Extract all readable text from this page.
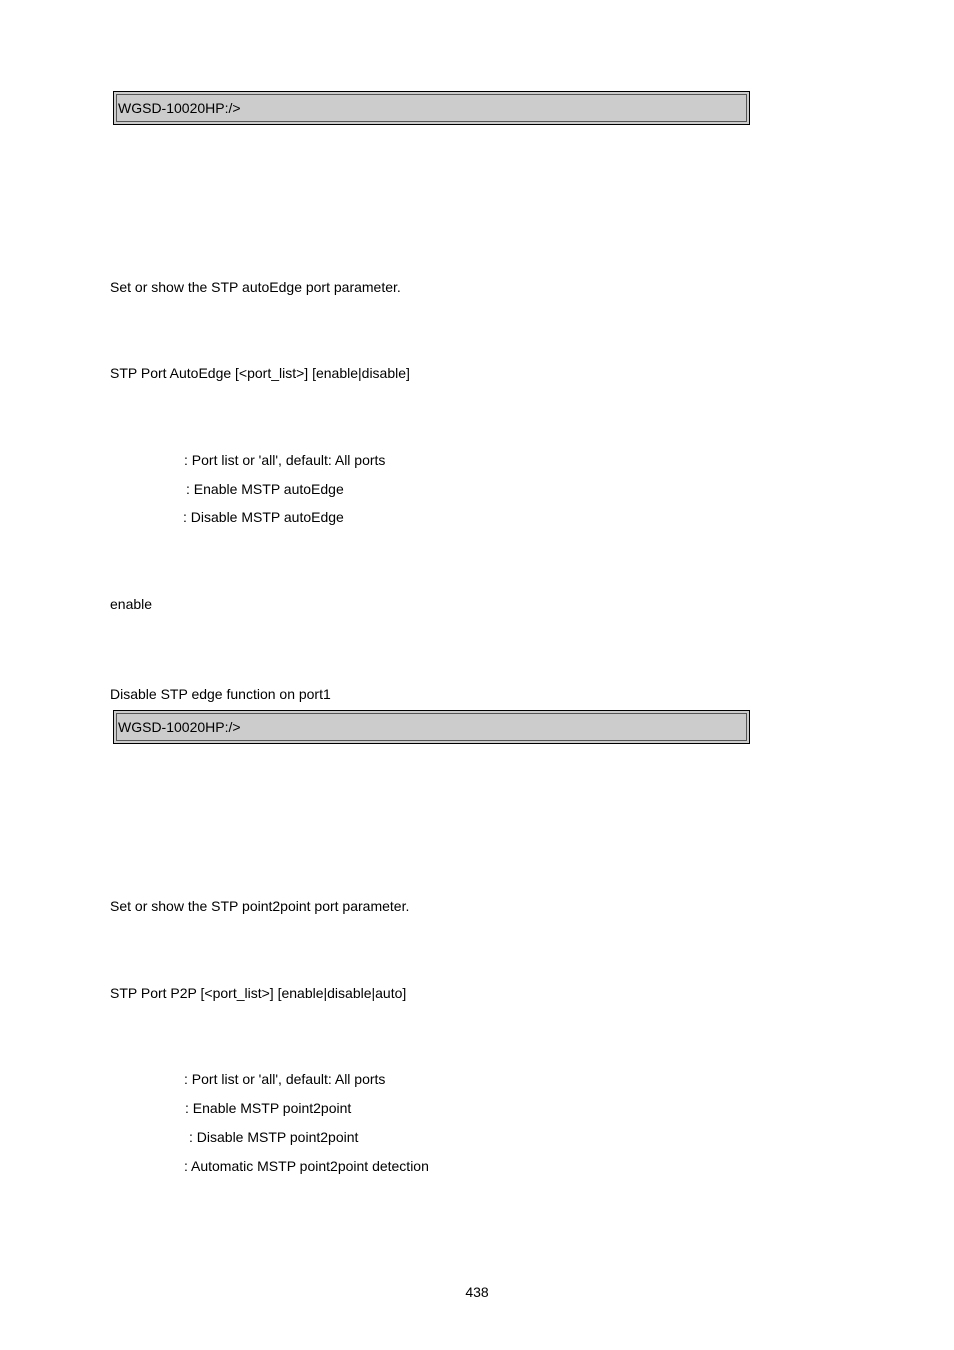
WGSD-10020HP:/>
Set or show the STP autoEdge port parameter.
STP Port AutoEdge [<port_list>] [enable|disable]
: Port list or 'all', default: All ports
: Enable MSTP autoEdge
: Disable MSTP autoEdge
enable
Disable STP edge function on port1
WGSD-10020HP:/>
Set or show the STP point2point port parameter.
STP Port P2P [<port_list>] [enable|disable|auto]
: Port list or 'all', default: All ports
: Enable MSTP point2point
: Disable MSTP point2point
: Automatic MSTP point2point detection
438
